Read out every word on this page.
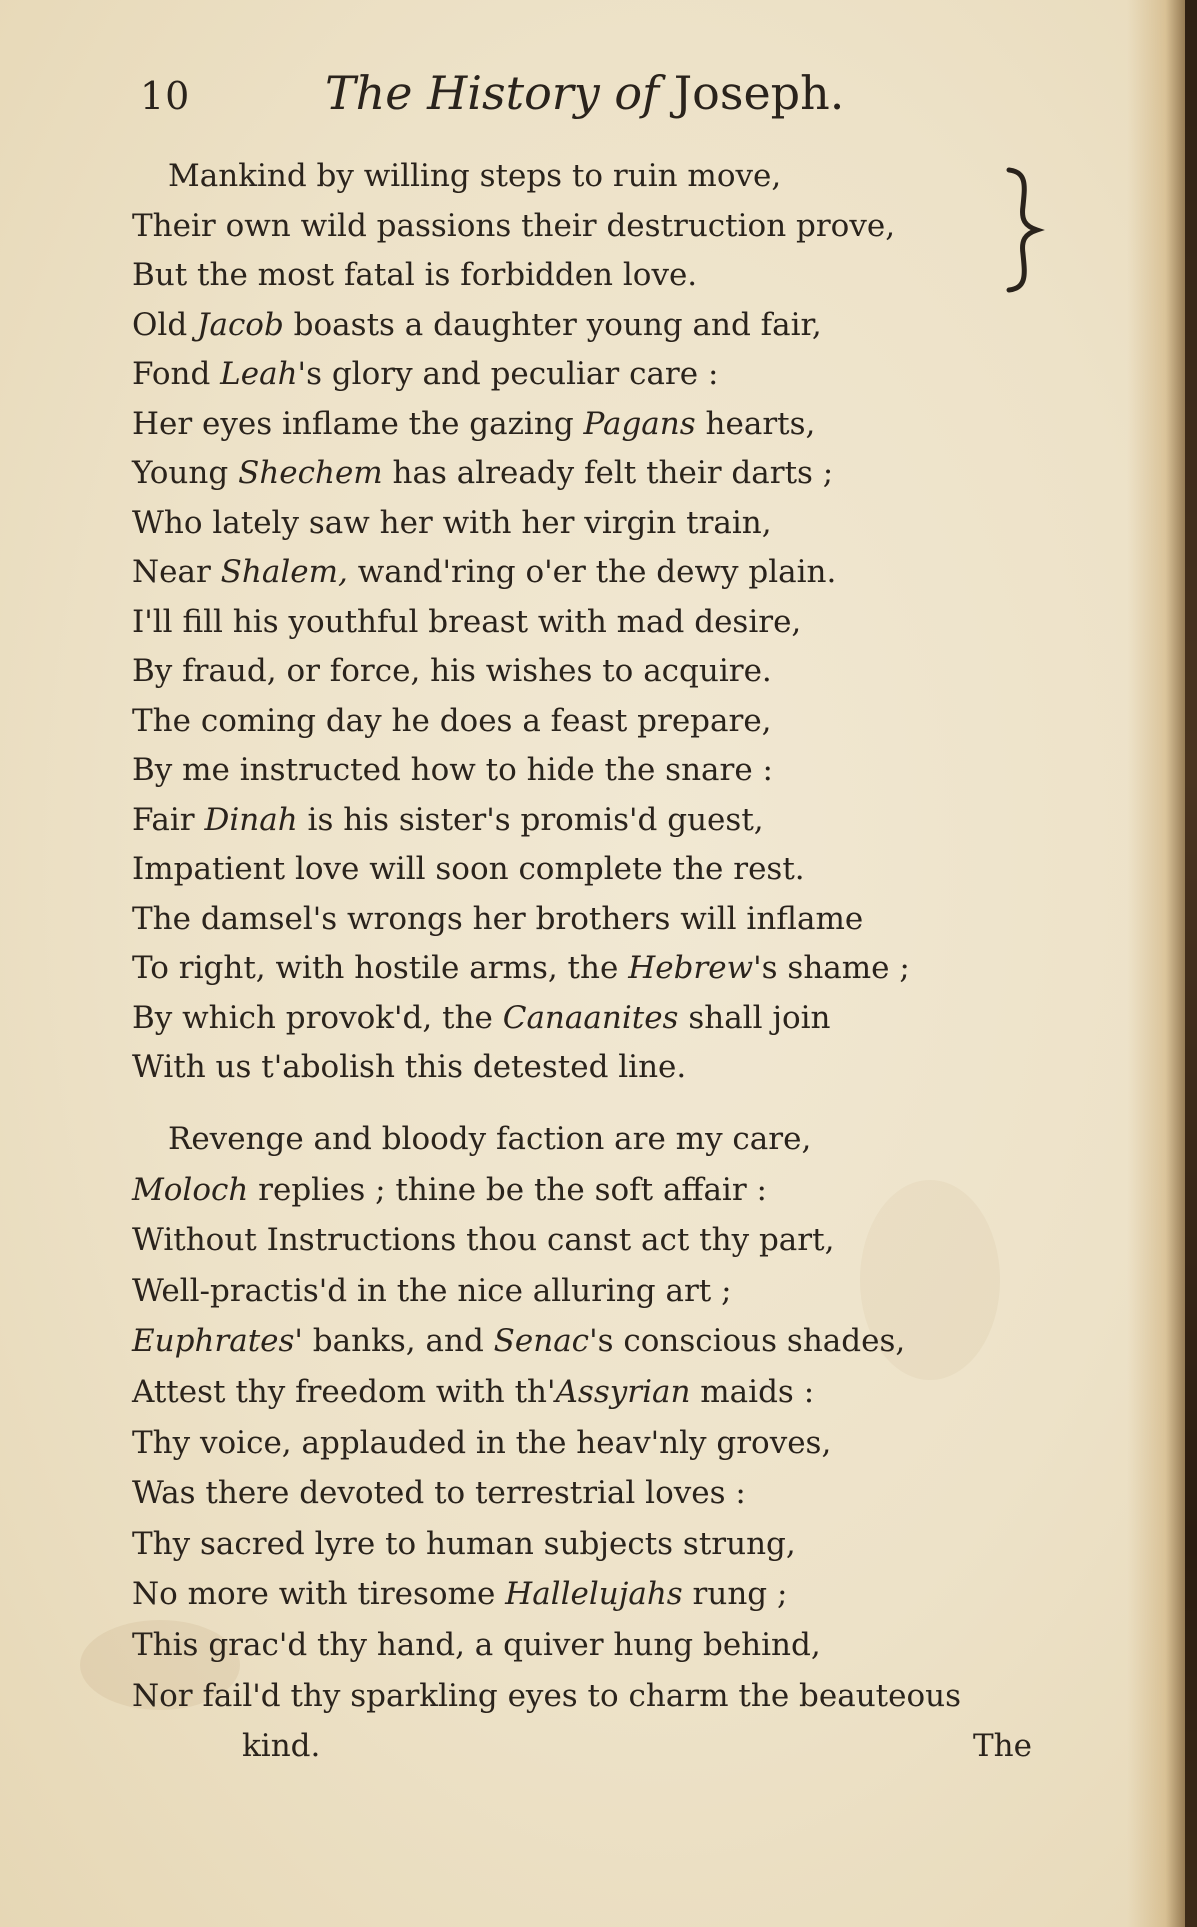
10	The History of Joseph.
Mankind by willing steps to ruin move,
Their own wild passions their destruction prove,
But the most fatal is forbidden love.
Old Jacob boasts a daughter young and fair,
Fond Leah's glory and peculiar care :
Her eyes inflame the gazing Pagans hearts,
Young Shechem has already felt their darts ;
Who lately saw her with her virgin train,
Near Shalem, wand'ring o'er the dewy plain.
I'll fill his youthful breast with mad desire,
By fraud, or force, his wishes to acquire.
The coming day he does a feast prepare,
By me instructed how to hide the snare :
Fair Dinah is his sister's promis'd guest,
Impatient love will soon complete the rest.
The damsel's wrongs her brothers will inflame
To right, with hostile arms, the Hebrew's shame ;
By which provok'd, the Canaanites shall join
With us t'abolish this detested line.
Revenge and bloody faction are my care,
Moloch replies ; thine be the soft affair :
Without Instructions thou canst act thy part,
Well-practis'd in the nice alluring art ;
Euphrates' banks, and Senac's conscious shades,
Attest thy freedom with th'Assyrian maids :
Thy voice, applauded in the heav'nly groves,
Was there devoted to terrestrial loves :
Thy sacred lyre to human subjects strung,
No more with tiresome Hallelujahs rung ;
This grac'd thy hand, a quiver hung behind,
Nor fail'd thy sparkling eyes to charm the beauteous
kind.	The
